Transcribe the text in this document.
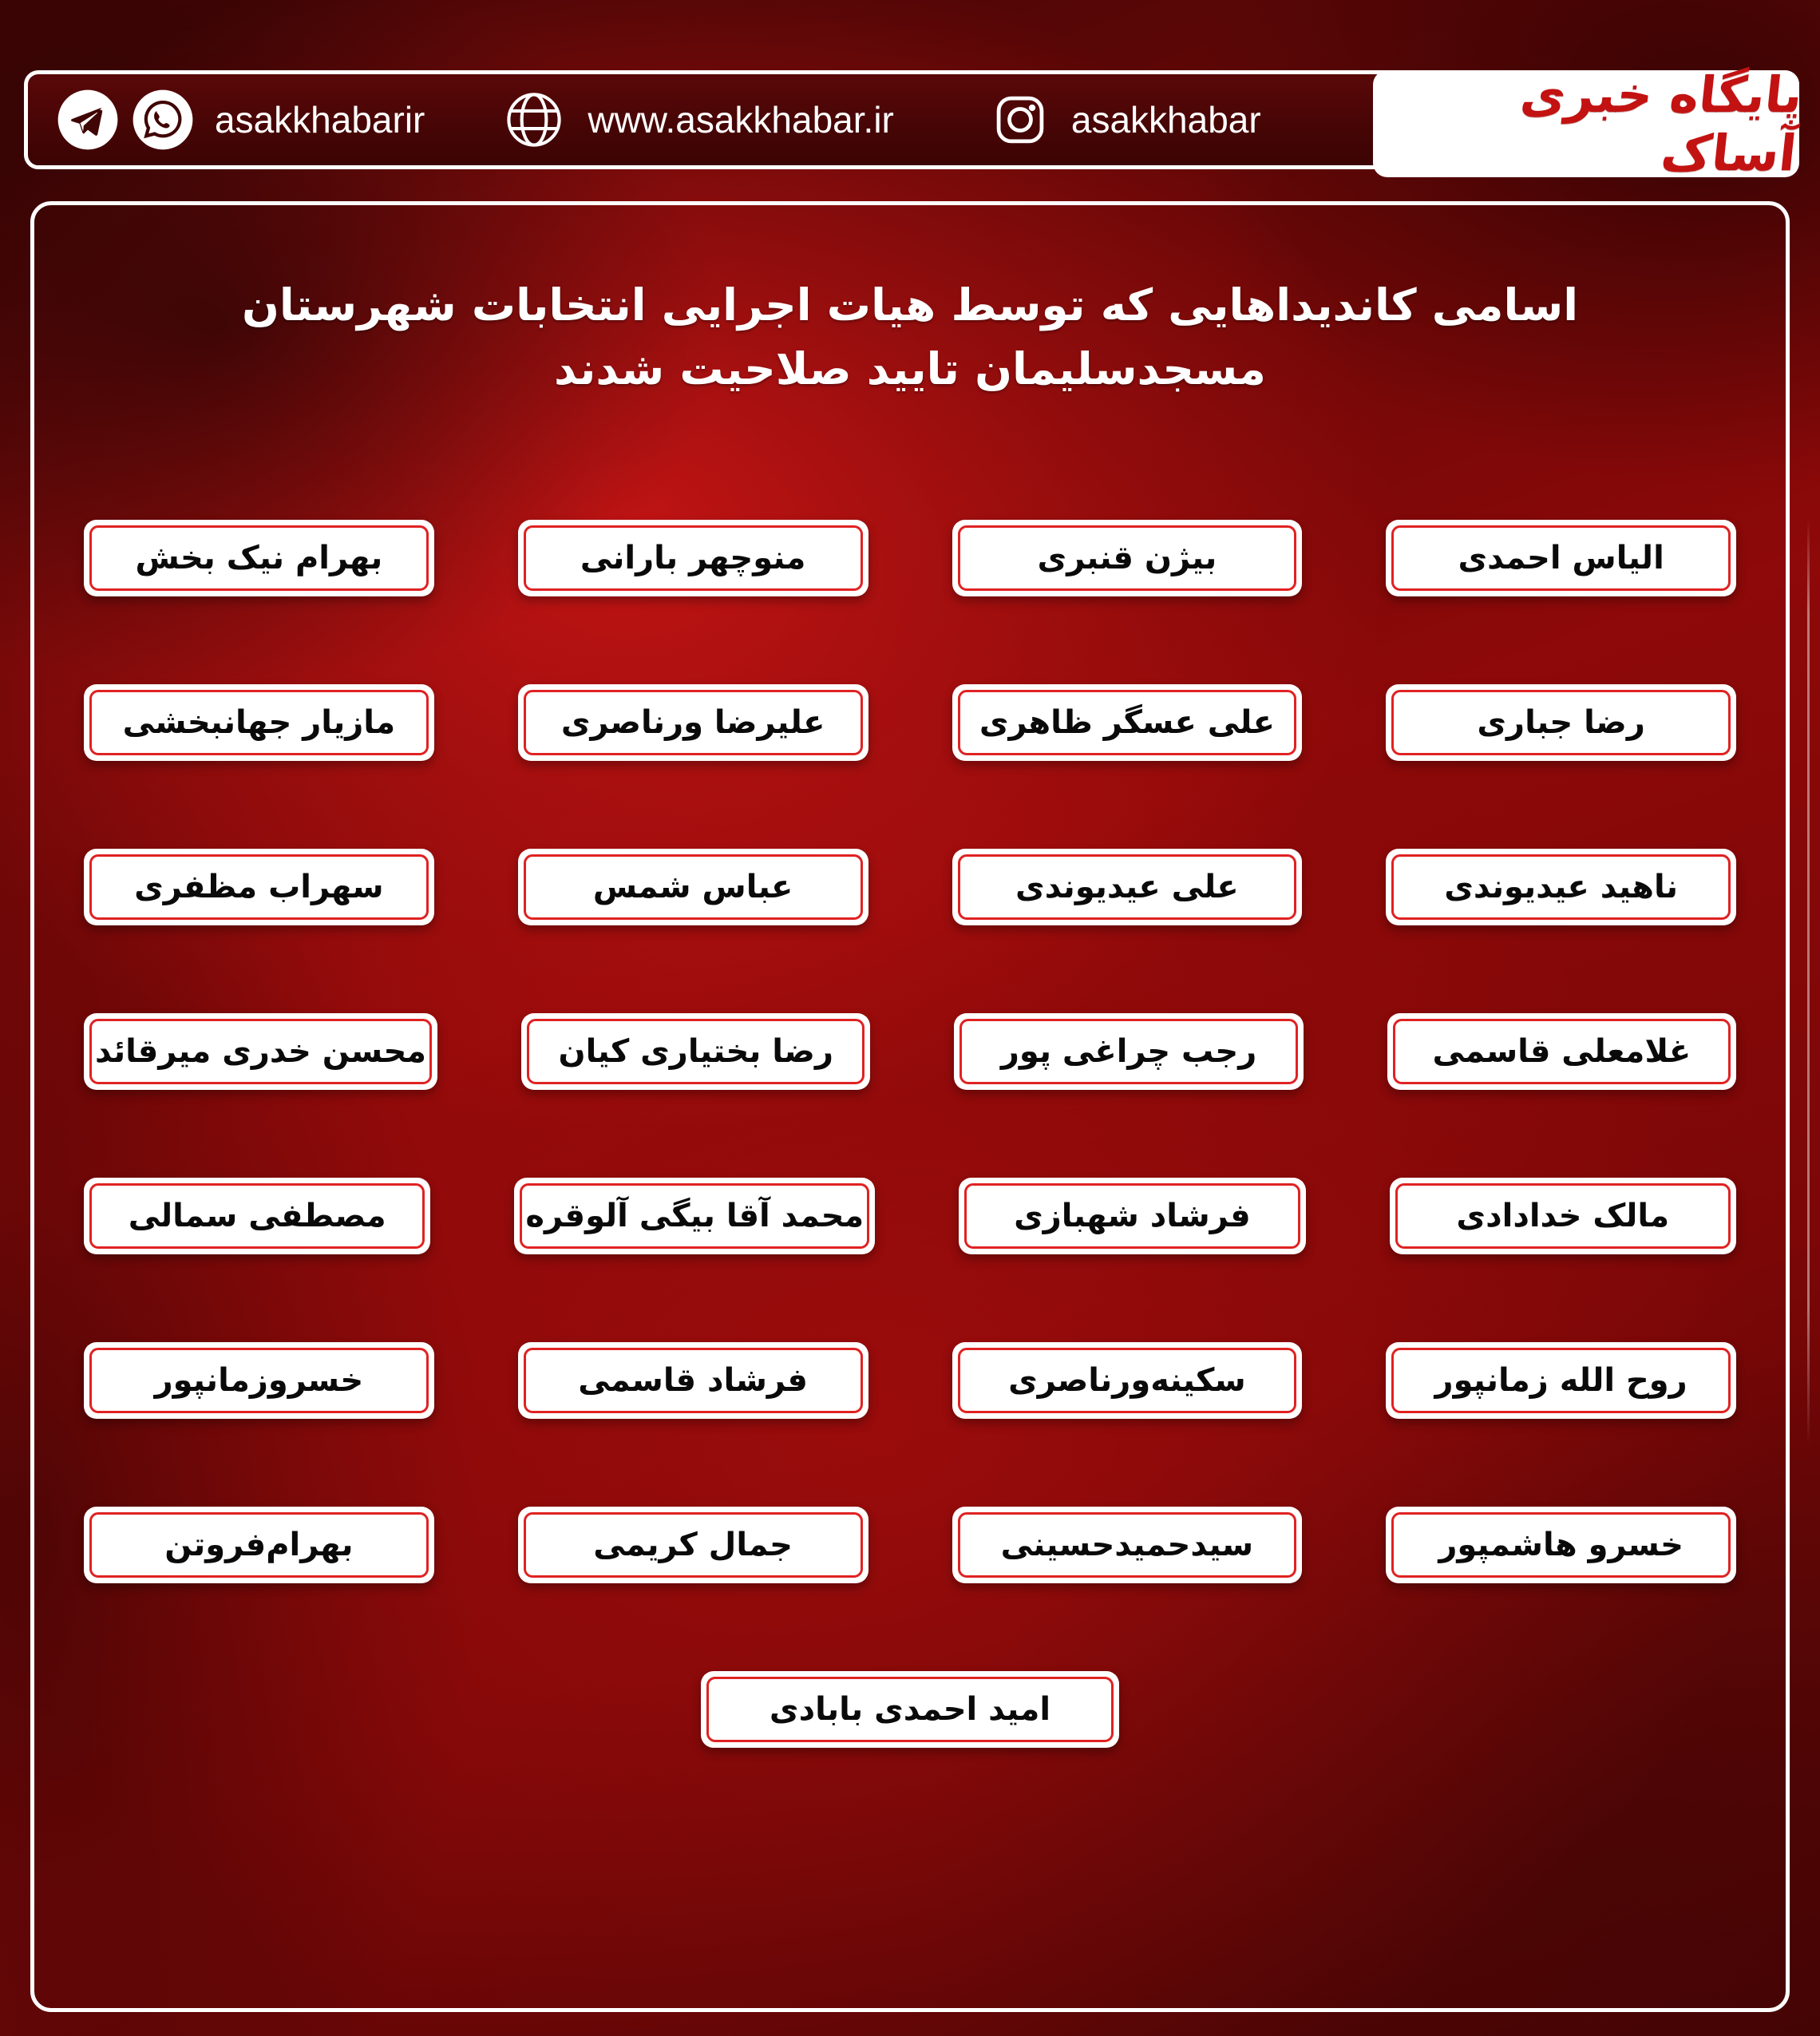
asakkhabarir	www.asakkhabar.ir	asakkhabar	پایگاه خبری آساک
اسامی کاندیداهایی که توسط هیات اجرایی انتخابات شهرستان
مسجدسلیمان تایید صلاحیت شدند
الیاس احمدی
بیژن قنبری
منوچهر بارانی
بهرام نیک بخش
رضا جباری
علی عسگر ظاهری
علیرضا ورناصری
مازیار جهانبخشی
ناهید عیدیوندی
علی عیدیوندی
عباس شمس
سهراب مظفری
غلامعلی قاسمی
رجب چراغی پور
رضا بختیاری کیان
محسن خدری میرقائد
مالک خدادادی
فرشاد شهبازی
محمد آقا بیگی آلوقره
مصطفی سمالی
روح الله زمانپور
سکینه‌ورناصری
فرشاد قاسمی
خسروزمانپور
خسرو هاشمپور
سیدحمیدحسینی
جمال کریمی
بهرام‌فروتن
امید احمدی بابادی
